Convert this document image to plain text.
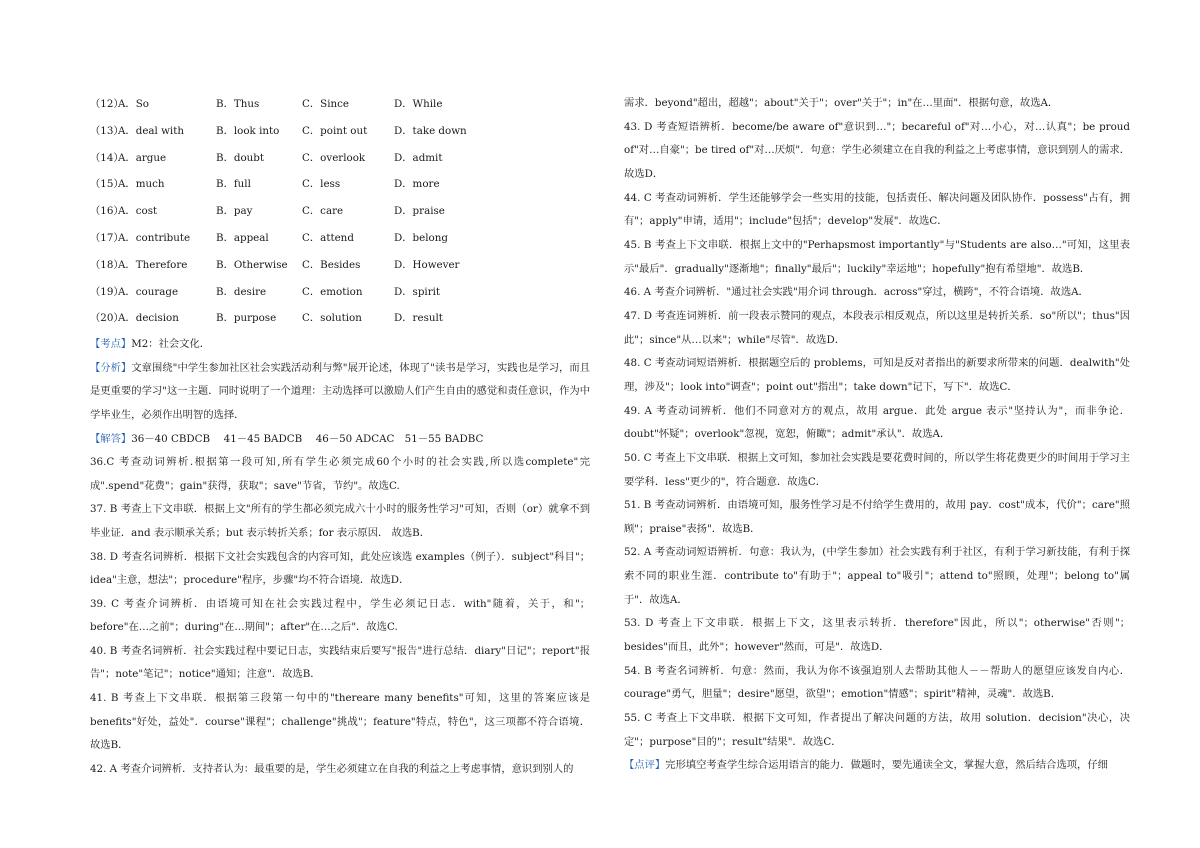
（12）
A．So	B．Thus	C．Since	D．While
（13）
A．deal with	B．look into C．point out	D．take down
（14）
A．argue	B．doubt	C．overlook	D．admit
（15）
A．much	B．full	C．less	D．more
（16）
A．cost	B．pay	C．care	D．praise
（17）
A．contribute	B．appeal	C．attend	D．belong
（18）
A．Therefore	B．Otherwise C．Besides	D．However
（19）
A．courage	B．desire	C．emotion	D．spirit
（20）
A．decision	B．purpose	C．solution	D．result

【考点】M2：社会文化．

【分析】文章围绕"中学生参加社区社会实践活动利与弊"展开论述，体现了"读书是学习，实践也是学习，而且是更重要的学习"这一主题．同时说明了一个道理：主动选择可以激励人们产生自由的感觉和责任意识，作为中学毕业生，必须作出明智的选择．

【解答】36－40 CBDCB　 41－45 BADCB　 46－50 ADCAC　51－55 BADBC

36.C 考查动词辨析.根据第一段可知,所有学生必须完成60个小时的社会实践,所以选complete"完成".spend"花费"；gain"获得，获取"；save"节省，节约"。故选C.

37. B 考查上下文串联．根据上文"所有的学生都必须完成六十小时的服务性学习"可知，否则（or）就拿不到毕业证．and 表示顺承关系；but 表示转折关系；for 表示原因． 故选B．

38. D 考查名词辨析．根据下文社会实践包含的内容可知，此处应该选 examples（例子）．subject"科目"；idea"主意，想法"；procedure"程序，步骤"均不符合语境．故选D．

39. C 考查介词辨析．由语境可知在社会实践过程中，学生必须记日志．with"随着，关于，和"；before"在…之前"；during"在…期间"；after"在…之后"．故选C.

40. B 考查名词辨析．社会实践过程中要记日志，实践结束后要写"报告"进行总结．diary"日记"；report"报告"；note"笔记"；notice"通知；注意"．故选B．

41. B 考查上下文串联．根据第三段第一句中的"thereare many benefits"可知，这里的答案应该是benefits"好处，益处"．course"课程"；challenge"挑战"；feature"特点，特色"，这三项都不符合语境．故选B．

42. A 考查介词辨析．支持者认为：最重要的是，学生必须建立在自我的利益之上考虑事情，意识到别人的

需求．beyond"超出，超越"；about"关于"；over"关于"；in"在…里面"．根据句意，故选A．

43. D 考查短语辨析．become/be aware of"意识到…"；becareful of"对…小心，对…认真"；be proud of"对…自豪"；be tired of"对…厌烦"．句意：学生必须建立在自我的利益之上考虑事情，意识到别人的需求．故选D．

44. C 考查动词辨析．学生还能够学会一些实用的技能，包括责任、解决问题及团队协作．possess"占有，拥有"；apply"申请，适用"；include"包括"；develop"发展"．故选C．

45. B 考查上下文串联．根据上文中的"Perhapsmost importantly"与"Students are also…"可知，这里表示"最后"．gradually"逐渐地"；finally"最后"；luckily"幸运地"；hopefully"抱有希望地"．故选B．

46. A 考查介词辨析．"通过社会实践"用介词 through．across"穿过，横跨"，不符合语境．故选A．

47. D 考查连词辨析．前一段表示赞同的观点，本段表示相反观点，所以这里是转折关系．so"所以"；thus"因此"；since"从…以来"；while"尽管"．故选D．

48. C 考查动词短语辨析．根据题空后的 problems，可知是反对者指出的新要求所带来的问题．dealwith"处理，涉及"；look into"调查"；point out"指出"；take down"记下，写下"．故选C．

49. A 考查动词辨析．他们不同意对方的观点，故用 argue．此处 argue 表示"坚持认为"，而非争论．doubt"怀疑"；overlook"忽视，宽恕，俯瞰"；admit"承认"．故选A．

50. C 考查上下文串联．根据上文可知，参加社会实践是要花费时间的，所以学生将花费更少的时间用于学习主要学科．less"更少的"，符合题意．故选C．

51. B 考查动词辨析．由语境可知，服务性学习是不付给学生费用的，故用 pay．cost"成本，代价"；care"照顾"；praise"表扬"．故选B．

52. A 考查动词短语辨析．句意：我认为，(中学生参加）社会实践有利于社区，有利于学习新技能，有利于探索不同的职业生涯．contribute to"有助于"；appeal to"吸引"；attend to"照顾，处理"；belong to"属于"．故选A．

53. D 考查上下文串联．根据上下文，这里表示转折．therefore"因此，所以"；otherwise"否则"；besides"而且，此外"；however"然而，可是"．故选D．

54. B 考查名词辨析．句意：然而，我认为你不该强迫别人去帮助其他人－－帮助人的愿望应该发自内心．courage"勇气，胆量"；desire"愿望，欲望"；emotion"情感"；spirit"精神，灵魂"．故选B．

55. C 考查上下文串联．根据下文可知，作者提出了解决问题的方法，故用 solution．decision"决心，决定"；purpose"目的"；result"结果"．故选C．

【点评】完形填空考查学生综合运用语言的能力．做题时，要先通读全文，掌握大意，然后结合选项，仔细
